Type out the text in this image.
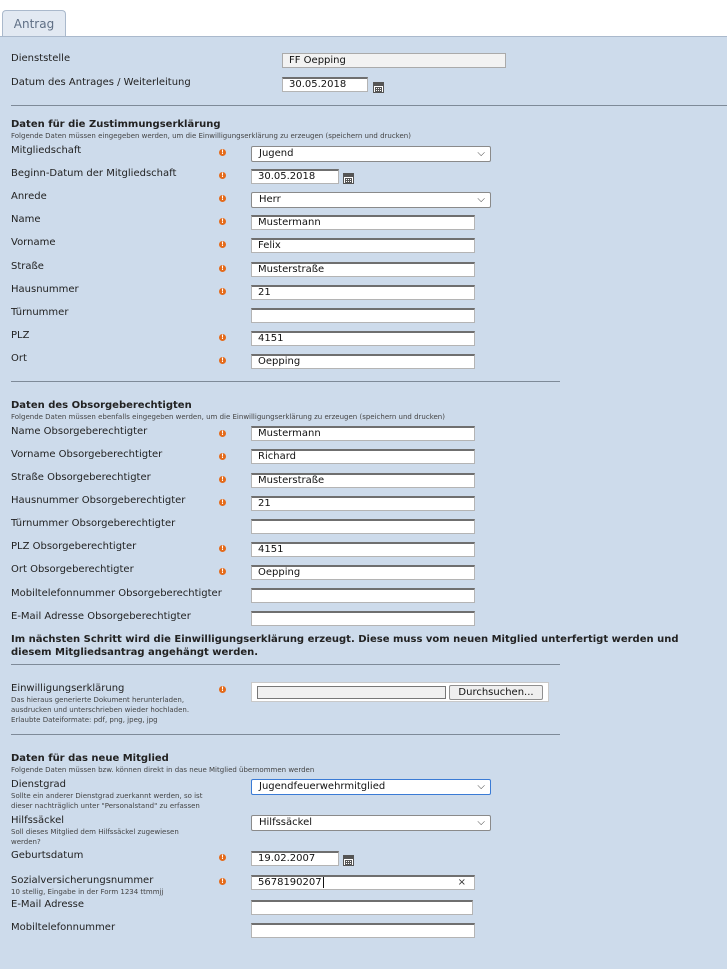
Antrag
Dienststelle	FF Oepping
Datum des Antrages / Weiterleitung	30.05.2018
Daten für die Zustimmungserklärung
Folgende Daten müssen eingegeben werden, um die Einwilligungserklärung zu erzeugen (speichern und drucken)
Mitgliedschaft	!	Jugend	⌵
Beginn-Datum der Mitgliedschaft	!	30.05.2018
Anrede	!	Herr	⌵
Name	!	Mustermann
Vorname	!	Felix
Straße	!	Musterstraße
Hausnummer	!	21
Türnummer
PLZ	!	4151
Ort	!	Oepping
Daten des Obsorgeberechtigten
Folgende Daten müssen ebenfalls eingegeben werden, um die Einwilligungserklärung zu erzeugen (speichern und drucken)
Name Obsorgeberechtigter	!	Mustermann
Vorname Obsorgeberechtigter	!	Richard
Straße Obsorgeberechtigter	!	Musterstraße
Hausnummer Obsorgeberechtigter	!	21
Türnummer Obsorgeberechtigter
PLZ Obsorgeberechtigter	!	4151
Ort Obsorgeberechtigter	!	Oepping
Mobiltelefonnummer Obsorgeberechtigter
E-Mail Adresse Obsorgeberechtigter
Im nächsten Schritt wird die Einwilligungserklärung erzeugt. Diese muss vom neuen Mitglied unterfertigt werden und diesem Mitgliedsantrag angehängt werden.
Einwilligungserklärung
Das hieraus generierte Dokument herunterladen,
ausdrucken und unterschrieben wieder hochladen.
Erlaubte Dateiformate: pdf, png, jpeg, jpg
!	Durchsuchen...
Daten für das neue Mitglied
Folgende Daten müssen bzw. können direkt in das neue Mitglied übernommen werden
Dienstgrad
Sollte ein anderer Dienstgrad zuerkannt werden, so ist
dieser nachträglich unter "Personalstand" zu erfassen
Jugendfeuerwehrmitglied	⌵
Hilfssäckel
Soll dieses Mitglied dem Hilfssäckel zugewiesen
werden?
Hilfssäckel	⌵
Geburtsdatum	!	19.02.2007
Sozialversicherungsnummer
10 stellig, Eingabe in der Form 1234 ttmmjj
!	5678190207	×
E-Mail Adresse
Mobiltelefonnummer
